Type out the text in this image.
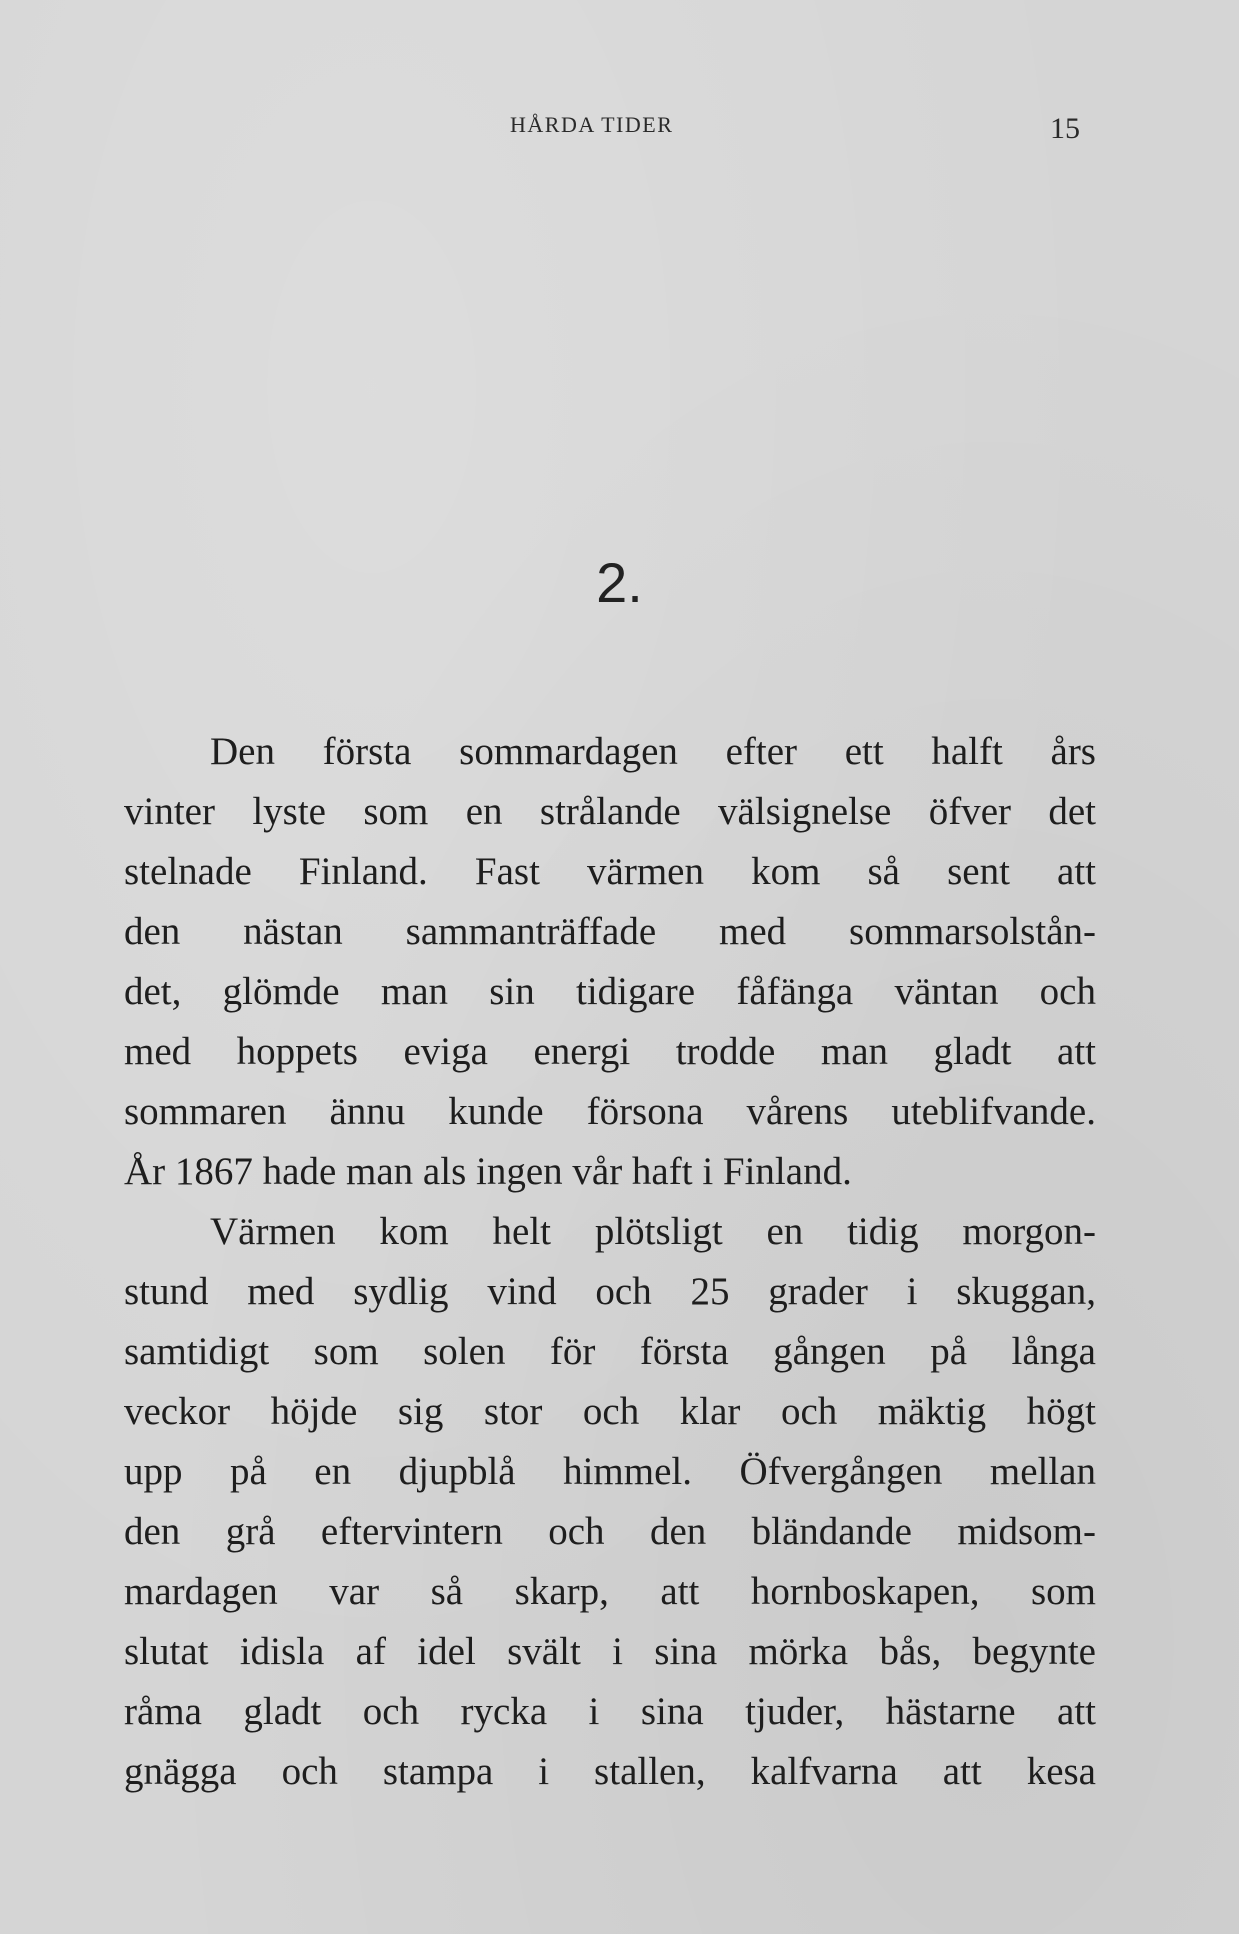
HÅRDA TIDER	15
2.
Den första sommardagen efter ett halft års
vinter lyste som en strålande välsignelse öfver det
stelnade Finland. Fast värmen kom så sent att
den nästan sammanträffade med sommarsolstån-
det, glömde man sin tidigare fåfänga väntan och
med hoppets eviga energi trodde man gladt att
sommaren ännu kunde försona vårens uteblifvande.
År 1867 hade man als ingen vår haft i Finland.
Värmen kom helt plötsligt en tidig morgon-
stund med sydlig vind och 25 grader i skuggan,
samtidigt som solen för första gången på långa
veckor höjde sig stor och klar och mäktig högt
upp på en djupblå himmel. Öfvergången mellan
den grå eftervintern och den bländande midsom-
mardagen var så skarp, att hornboskapen, som
slutat idisla af idel svält i sina mörka bås, begynte
råma gladt och rycka i sina tjuder, hästarne att
gnägga och stampa i stallen, kalfvarna att kesa
